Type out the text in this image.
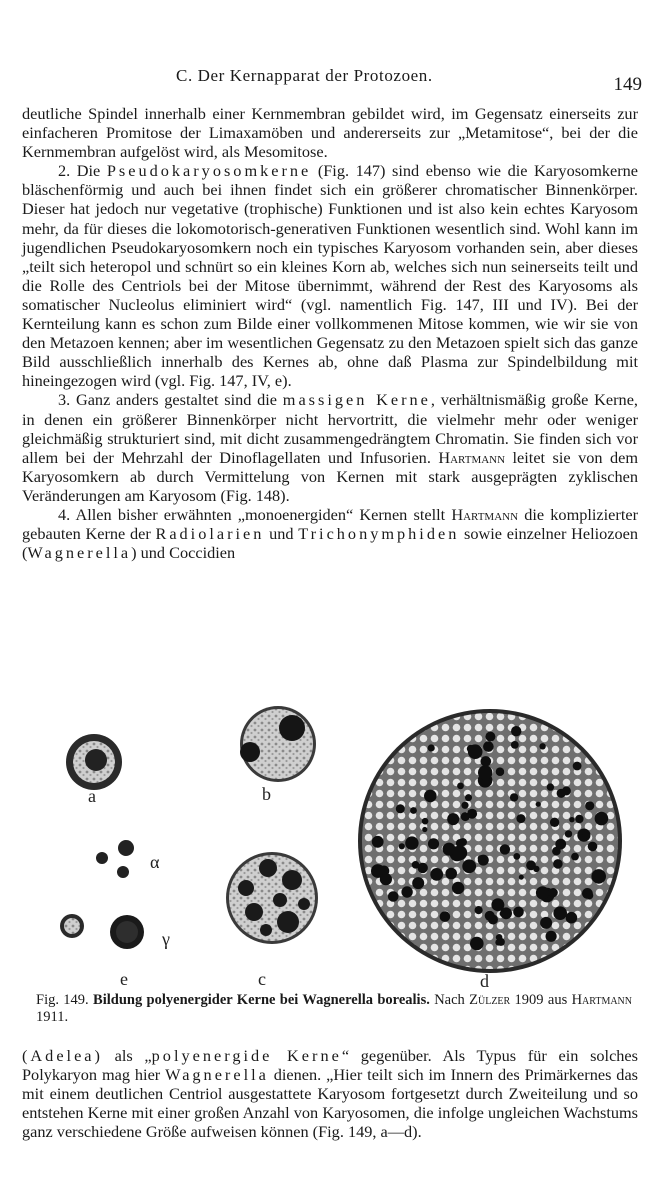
C. Der Kernapparat der Protozoen.	149

deutliche Spindel innerhalb einer Kernmembran gebildet wird, im Gegensatz einerseits zur einfacheren Promitose der Limaxamöben und andererseits zur „Metamitose“, bei der die Kernmembran aufgelöst wird, als Mesomitose.

2. Die Pseudokaryosomkerne (Fig. 147) sind ebenso wie die Karyosomkerne bläschenförmig und auch bei ihnen findet sich ein größerer chromatischer Binnenkörper. Dieser hat jedoch nur vegetative (trophische) Funktionen und ist also kein echtes Karyosom mehr, da für dieses die lokomotorisch-generativen Funktionen wesentlich sind. Wohl kann im jugendlichen Pseudokaryosomkern noch ein typisches Karyosom vorhanden sein, aber dieses „teilt sich heteropol und schnürt so ein kleines Korn ab, welches sich nun seinerseits teilt und die Rolle des Centriols bei der Mitose übernimmt, während der Rest des Karyosoms als somatischer Nucleolus eliminiert wird“ (vgl. namentlich Fig. 147, III und IV). Bei der Kernteilung kann es schon zum Bilde einer vollkommenen Mitose kommen, wie wir sie von den Metazoen kennen; aber im wesentlichen Gegensatz zu den Metazoen spielt sich das ganze Bild ausschließlich innerhalb des Kernes ab, ohne daß Plasma zur Spindelbildung mit hineingezogen wird (vgl. Fig. 147, IV, e).

3. Ganz anders gestaltet sind die massigen Kerne, verhältnismäßig große Kerne, in denen ein größerer Binnenkörper nicht hervortritt, die vielmehr mehr oder weniger gleichmäßig strukturiert sind, mit dicht zusammengedrängtem Chromatin. Sie finden sich vor allem bei der Mehrzahl der Dinoflagellaten und Infusorien. Hartmann leitet sie von dem Karyosomkern ab durch Vermittelung von Kernen mit stark ausgeprägten zyklischen Veränderungen am Karyosom (Fig. 148).

4. Allen bisher erwähnten „monoenergiden“ Kernen stellt Hartmann die komplizierter gebauten Kerne der Radiolarien und Trichonymphiden sowie einzelner Heliozoen (Wagnerella) und Coccidien

a	b
α
γ
e	c	d
Fig. 149. Bildung polyenergider Kerne bei Wagnerella borealis. Nach Zülzer 1909 aus Hartmann 1911.

(Adelea) als „polyenergide Kerne“ gegenüber. Als Typus für ein solches Polykaryon mag hier Wagnerella dienen. „Hier teilt sich im Innern des Primärkernes das mit einem deutlichen Centriol ausgestattete Karyosom fortgesetzt durch Zweiteilung und so entstehen Kerne mit einer großen Anzahl von Karyosomen, die infolge ungleichen Wachstums ganz verschiedene Größe aufweisen können (Fig. 149, a—d).
